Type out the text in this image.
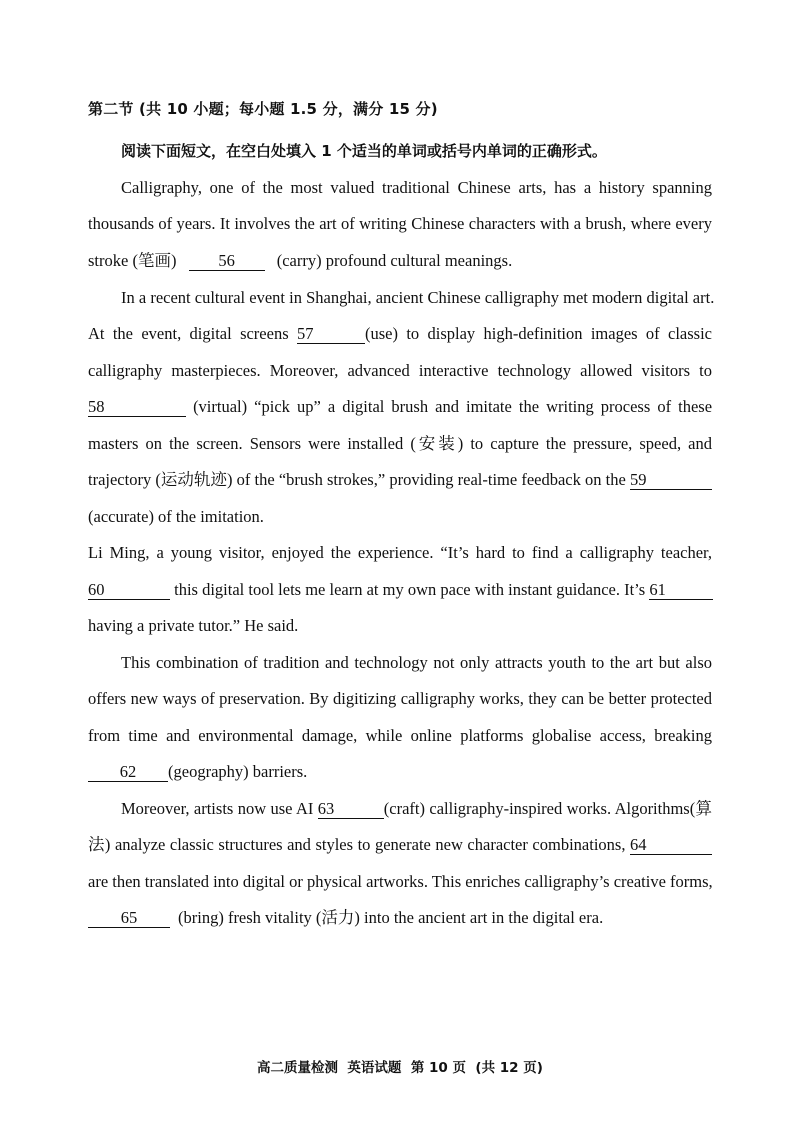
第二节 (共 10 小题；每小题 1.5 分，满分 15 分)
阅读下面短文，在空白处填入 1 个适当的单词或括号内单词的正确形式。
Calligraphy, one of the most valued traditional Chinese arts, has a history spanning
thousands of years. It involves the art of writing Chinese characters with a brush, where every
stroke (笔画)	56	(carry) profound cultural meanings.
In a recent cultural event in Shanghai, ancient Chinese calligraphy met modern digital art.
At the event, digital screens 57	(use) to display high-definition images of classic
calligraphy masterpieces. Moreover, advanced interactive technology allowed visitors to
58	(virtual) “pick up” a digital brush and imitate the writing process of these
masters on the screen. Sensors were installed (安装) to capture the pressure, speed, and
trajectory (运动轨迹) of the “brush strokes,” providing real-time feedback on the 59
(accurate) of the imitation.
Li Ming, a young visitor, enjoyed the experience. “It’s hard to find a calligraphy teacher,
60	this digital tool lets me learn at my own pace with instant guidance. It’s 61
having a private tutor.” He said.
This combination of tradition and technology not only attracts youth to the art but also
offers new ways of preservation. By digitizing calligraphy works, they can be better protected
from time and environmental damage, while online platforms globalise access, breaking
62 (geography) barriers.
Moreover, artists now use AI 63	(craft) calligraphy-inspired works. Algorithms(算
法) analyze classic structures and styles to generate new character combinations, 64
are then translated into digital or physical artworks. This enriches calligraphy’s creative forms,
65 (bring) fresh vitality (活力) into the ancient art in the digital era.
高二质量检测  英语试题  第 10 页  (共 12 页)
